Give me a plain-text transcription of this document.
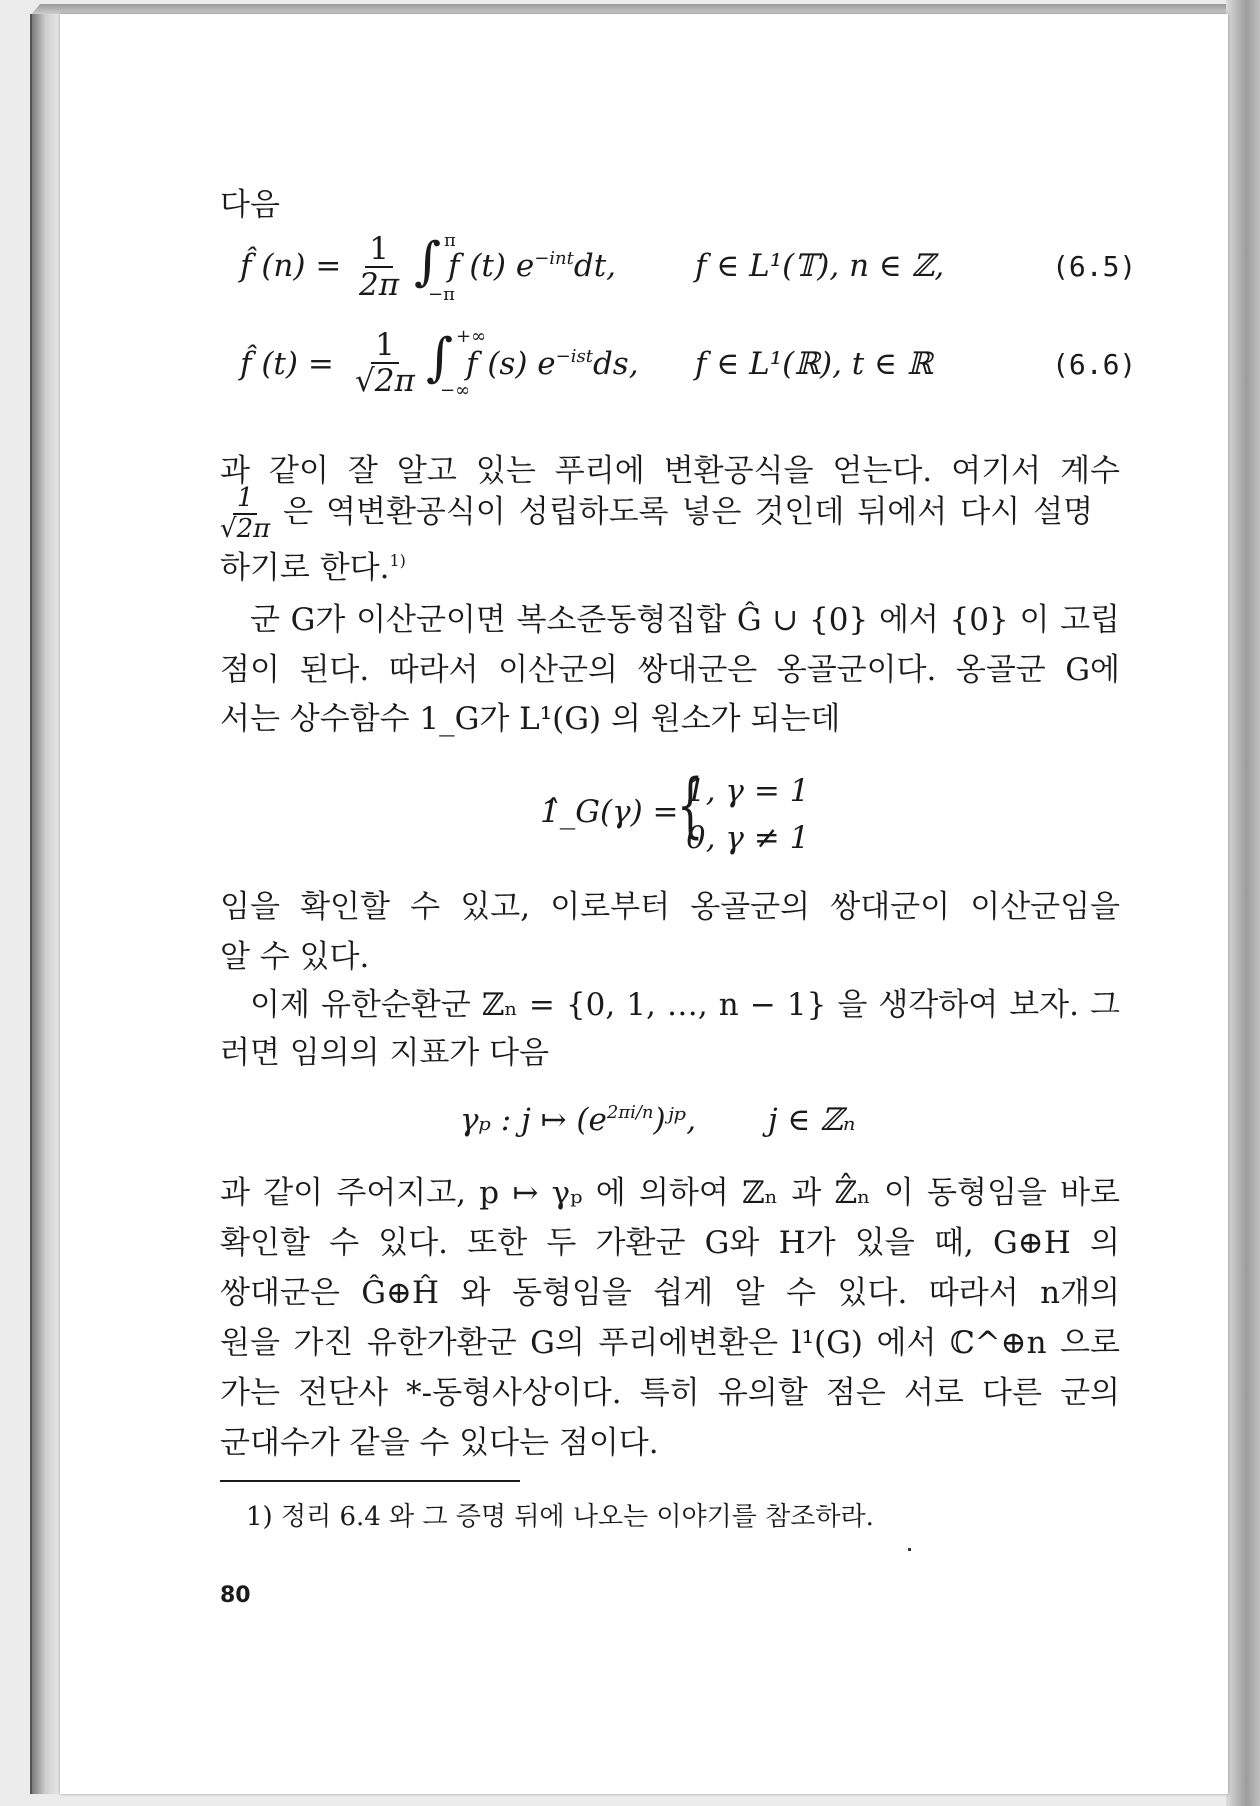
다음
f̂ $(n) = \frac{1}{2\pi}$ ∫ π
−π
f (t) $e^{-int}dt$,	f ∈ L¹(𝕋), n ∈ ℤ,	(6.5)
f̂ $(t) = \frac{1}{√2\pi}$ ∫ +∞
−∞
f (s) $e^{-ist}ds$, f ∈ L¹(ℝ), t ∈ ℝ	(6.6)
과 같이 잘 알고 있는 푸리에 변환공식을 얻는다. 여기서 계수
$\frac{1}{√2\pi}$ 은 역변환공식이 성립하도록 넣은 것인데 뒤에서 다시 설명
하기로 한다.$^{1)}$
군 G가 이산군이면 복소준동형집합 Ĝ ∪ {0} 에서 {0} 이 고립
점이 된다. 따라서 이산군의 쌍대군은 옹골군이다. 옹골군 G에
서는 상수함수 1_G가 L¹(G) 의 원소가 되는데
1̂_G(γ) =
{
1, γ = 1
0, γ ≠ 1
임을 확인할 수 있고, 이로부터 옹골군의 쌍대군이 이산군임을
알 수 있다.
이제 유한순환군 ℤₙ = {0, 1, …, n − 1} 을 생각하여 보자. 그
러면 임의의 지표가 다음
γₚ : j ↦ $(e^{2\pi i/n})ʲᵖ$, j ∈ ℤₙ
과 같이 주어지고, p ↦ γₚ 에 의하여 ℤₙ 과 ℤ̂ₙ 이 동형임을 바로
확인할 수 있다. 또한 두 가환군 G와 H가 있을 때, G⊕H 의
쌍대군은 Ĝ⊕Ĥ 와 동형임을 쉽게 알 수 있다. 따라서 n개의
원을 가진 유한가환군 G의 푸리에변환은 l¹(G) 에서 ℂ^⊕n 으로
가는 전단사 *-동형사상이다. 특히 유의할 점은 서로 다른 군의
군대수가 같을 수 있다는 점이다.
1) 정리 6.4 와 그 증명 뒤에 나오는 이야기를 참조하라.
80
